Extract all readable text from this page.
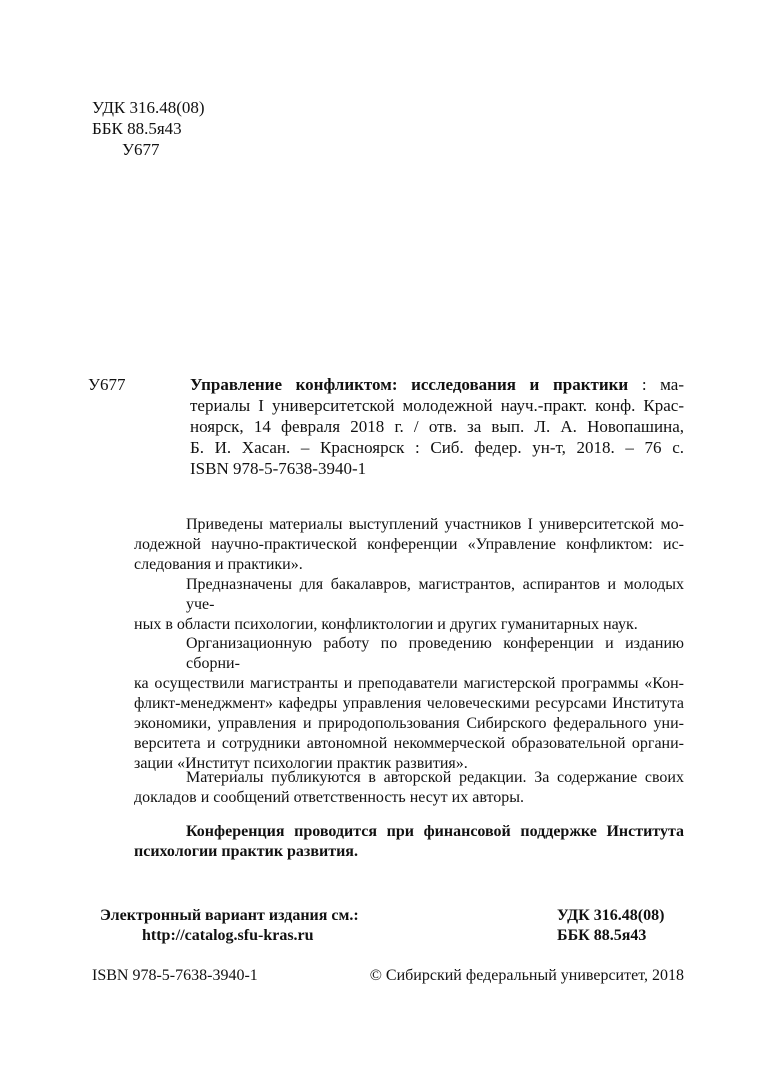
УДК 316.48(08)
ББК 88.5я43
У677
У677	Управление конфликтом: исследования и практики : ма-
териалы I университетской молодежной науч.-практ. конф. Крас-
ноярск, 14 февраля 2018 г. / отв. за вып. Л. А. Новопашина,
Б. И. Хасан. – Красноярск : Сиб. федер. ун-т, 2018. – 76 с.
ISBN 978-5-7638-3940-1
Приведены материалы выступлений участников I университетской мо-
лодежной научно-практической конференции «Управление конфликтом: ис-
следования и практики».
Предназначены для бакалавров, магистрантов, аспирантов и молодых уче-
ных в области психологии, конфликтологии и других гуманитарных наук.
Организационную работу по проведению конференции и изданию сборни-
ка осуществили магистранты и преподаватели магистерской программы «Кон-
фликт-менеджмент» кафедры управления человеческими ресурсами Института
экономики, управления и природопользования Сибирского федерального уни-
верситета и сотрудники автономной некоммерческой образовательной органи-
зации «Институт психологии практик развития».
Материалы публикуются в авторской редакции. За содержание своих
докладов и сообщений ответственность несут их авторы.
Конференция проводится при финансовой поддержке Института
психологии практик развития.
Электронный вариант издания см.:
http://catalog.sfu-kras.ru
УДК 316.48(08)
ББК 88.5я43
ISBN 978-5-7638-3940-1	© Сибирский федеральный университет, 2018
